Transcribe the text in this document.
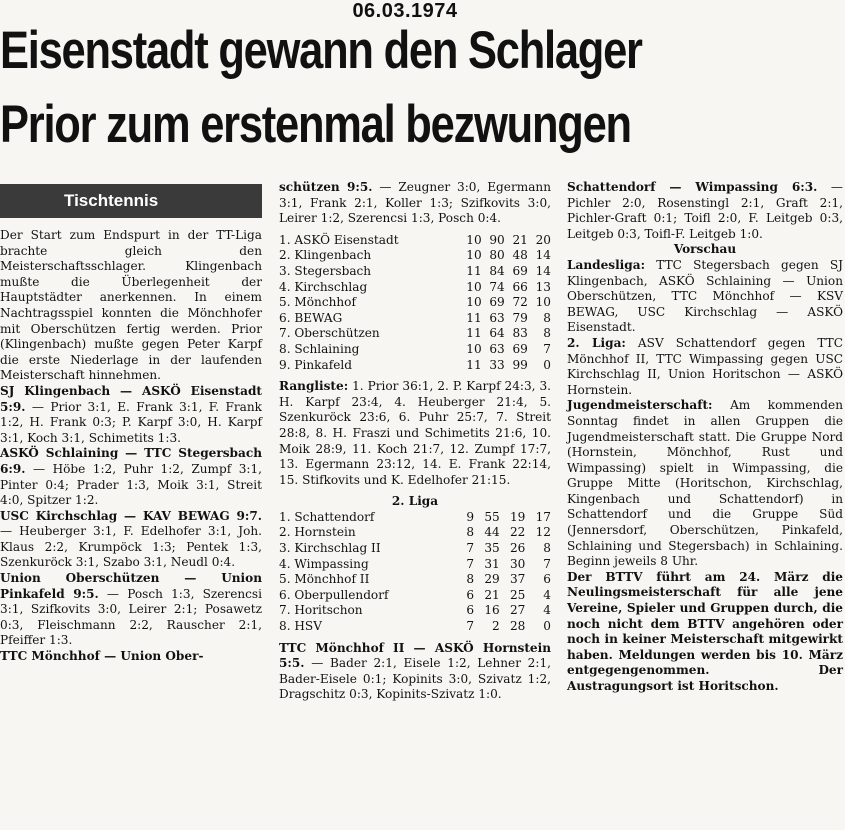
06.03.1974
Eisenstadt gewann den Schlager
Prior zum erstenmal bezwungen
Tischtennis

Der Start zum Endspurt in der TT-Liga brachte gleich den Meisterschaftsschlager. Klingenbach mußte die Überlegenheit der Hauptstädter anerkennen. In einem Nachtragsspiel konnten die Mönchhofer mit Oberschützen fertig werden. Prior (Klingenbach) mußte gegen Peter Karpf die erste Niederlage in der laufenden Meisterschaft hinnehmen.

SJ Klingenbach — ASKÖ Eisenstadt 5:9. — Prior 3:1, E. Frank 3:1, F. Frank 1:2, H. Frank 0:3; P. Karpf 3:0, H. Karpf 3:1, Koch 3:1, Schimetits 1:3.

ASKÖ Schlaining — TTC Stegersbach 6:9. — Höbe 1:2, Puhr 1:2, Zumpf 3:1, Pinter 0:4; Prader 1:3, Moik 3:1, Streit 4:0, Spitzer 1:2.

USC Kirchschlag — KAV BEWAG 9:7. — Heuberger 3:1, F. Edelhofer 3:1, Joh. Klaus 2:2, Krumpöck 1:3; Pentek 1:3, Szenkuröck 3:1, Szabo 3:1, Neudl 0:4.

Union Oberschützen — Union Pinkafeld 9:5. — Posch 1:3, Szerencsi 3:1, Szifkovits 3:0, Leirer 2:1; Posawetz 0:3, Fleischmann 2:2, Rauscher 2:1, Pfeiffer 1:3.

TTC Mönchhof — Union Ober-

schützen 9:5. — Zeugner 3:0, Egermann 3:1, Frank 2:1, Koller 1:3; Szifkovits 3:0, Leirer 1:2, Szerencsi 1:3, Posch 0:4.

1. ASKÖ Eisenstadt	10	90	21	20
2. Klingenbach	10	80	48	14
3. Stegersbach	11	84	69	14
4. Kirchschlag	10	74	66	13
5. Mönchhof	10	69	72	10
6. BEWAG	11	63	79	8
7. Oberschützen	11	64	83	8
8. Schlaining	10	63	69	7
9. Pinkafeld	11	33	99	0

Rangliste: 1. Prior 36:1, 2. P. Karpf 24:3, 3. H. Karpf 23:4, 4. Heuberger 21:4, 5. Szenkuröck 23:6, 6. Puhr 25:7, 7. Streit 28:8, 8. H. Fraszi und Schimetits 21:6, 10. Moik 28:9, 11. Koch 21:7, 12. Zumpf 17:7, 13. Egermann 23:12, 14. E. Frank 22:14, 15. Stifkovits und K. Edelhofer 21:15.

2. Liga
1. Schattendorf	9	55	19	17
2. Hornstein	8	44	22	12
3. Kirchschlag II	7	35	26	8
4. Wimpassing	7	31	30	7
5. Mönchhof II	8	29	37	6
6. Oberpullendorf	6	21	25	4
7. Horitschon	6	16	27	4
8. HSV	7	2	28	0

TTC Mönchhof II — ASKÖ Hornstein 5:5. — Bader 2:1, Eisele 1:2, Lehner 2:1, Bader-Eisele 0:1; Kopinits 3:0, Szivatz 1:2, Dragschitz 0:3, Kopinits-Szivatz 1:0.

Schattendorf — Wimpassing 6:3. — Pichler 2:0, Rosenstingl 2:1, Graft 2:1, Pichler-Graft 0:1; Toifl 2:0, F. Leitgeb 0:3, Leitgeb 0:3, Toifl-F. Leitgeb 1:0.

Vorschau

Landesliga: TTC Stegersbach gegen SJ Klingenbach, ASKÖ Schlaining — Union Oberschützen, TTC Mönchhof — KSV BEWAG, USC Kirchschlag — ASKÖ Eisenstadt.

2. Liga: ASV Schattendorf gegen TTC Mönchhof II, TTC Wimpassing gegen USC Kirchschlag II, Union Horitschon — ASKÖ Hornstein.

Jugendmeisterschaft: Am kommenden Sonntag findet in allen Gruppen die Jugendmeisterschaft statt. Die Gruppe Nord (Hornstein, Mönchhof, Rust und Wimpassing) spielt in Wimpassing, die Gruppe Mitte (Horitschon, Kirchschlag, Kingenbach und Schattendorf) in Schattendorf und die Gruppe Süd (Jennersdorf, Oberschützen, Pinkafeld, Schlaining und Stegersbach) in Schlaining. Beginn jeweils 8 Uhr.

Der BTTV führt am 24. März die Neulingsmeisterschaft für alle jene Vereine, Spieler und Gruppen durch, die noch nicht dem BTTV angehören oder noch in keiner Meisterschaft mitgewirkt haben. Meldungen werden bis 10. März entgegengenommen. Der Austragungsort ist Horitschon.
